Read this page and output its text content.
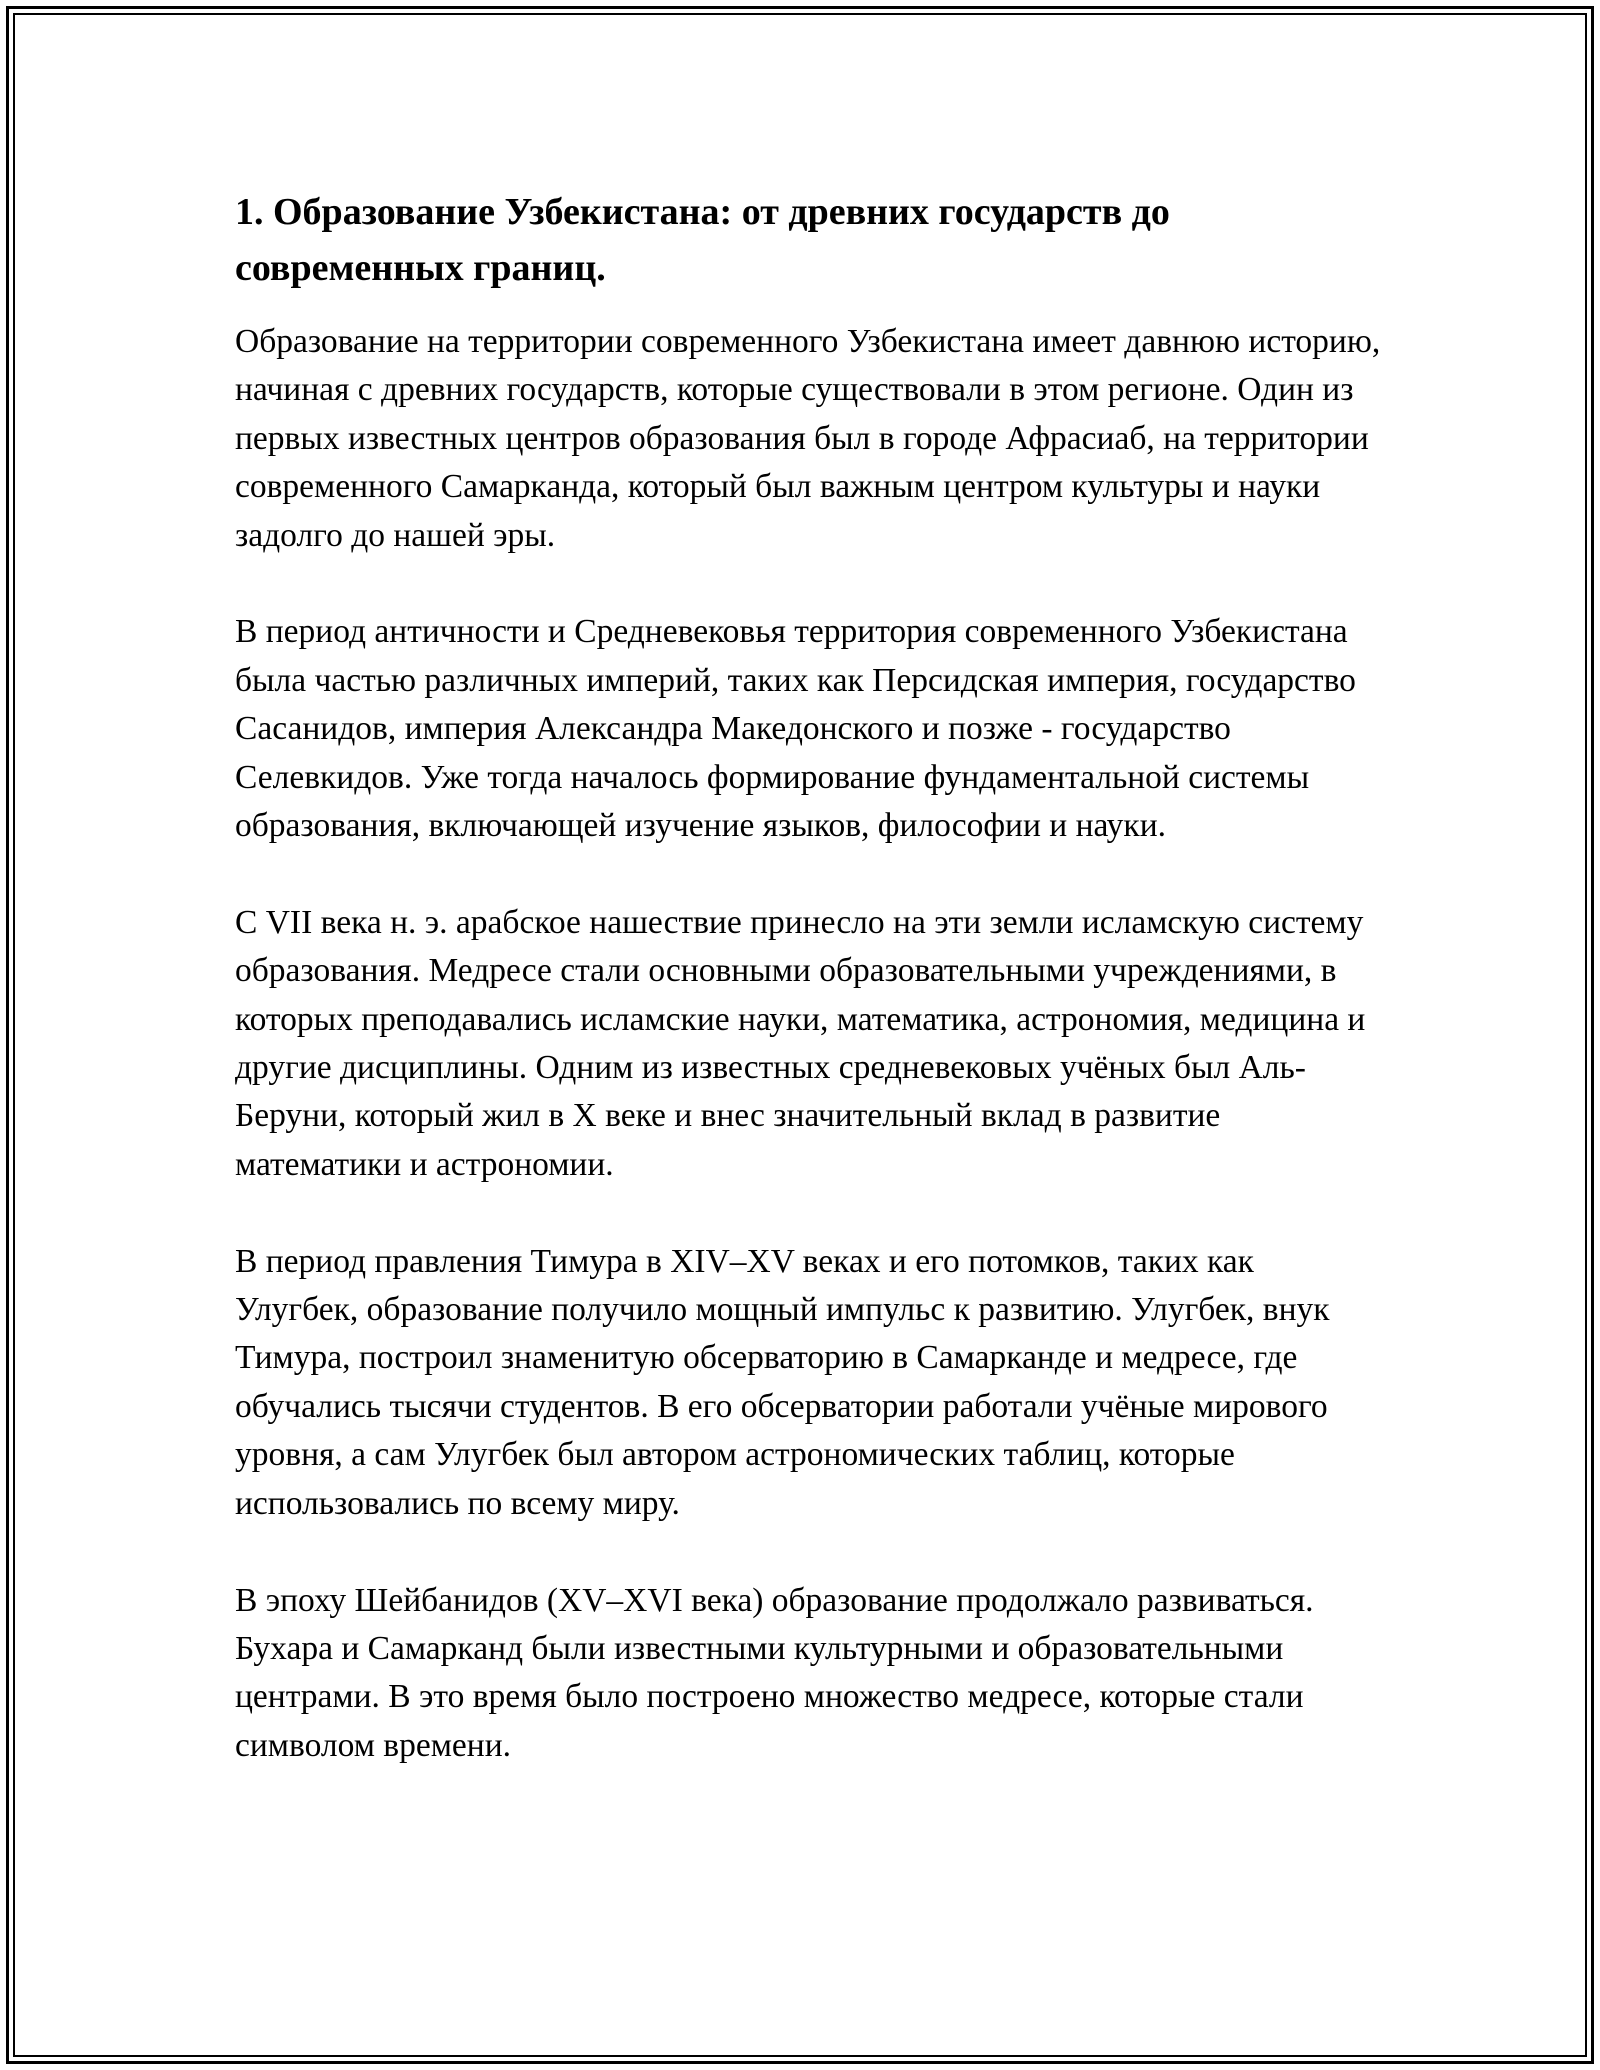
1. Образование Узбекистана: от древних государств до современных границ.

Образование на территории современного Узбекистана имеет давнюю историю, начиная с древних государств, которые существовали в этом регионе. Один из первых известных центров образования был в городе Афрасиаб, на территории современного Самарканда, который был важным центром культуры и науки задолго до нашей эры.

В период античности и Средневековья территория современного Узбекистана была частью различных империй, таких как Персидская империя, государство Сасанидов, империя Александра Македонского и позже - государство Селевкидов. Уже тогда началось формирование фундаментальной системы образования, включающей изучение языков, философии и науки.

С VII века н. э. арабское нашествие принесло на эти земли исламскую систему образования. Медресе стали основными образовательными учреждениями, в которых преподавались исламские науки, математика, астрономия, медицина и другие дисциплины. Одним из известных средневековых учёных был Аль-Беруни, который жил в X веке и внес значительный вклад в развитие математики и астрономии.

В период правления Тимура в XIV–XV веках и его потомков, таких как Улугбек, образование получило мощный импульс к развитию. Улугбек, внук Тимура, построил знаменитую обсерваторию в Самарканде и медресе, где обучались тысячи студентов. В его обсерватории работали учёные мирового уровня, а сам Улугбек был автором астрономических таблиц, которые использовались по всему миру.

В эпоху Шейбанидов (XV–XVI века) образование продолжало развиваться. Бухара и Самарканд были известными культурными и образовательными центрами. В это время было построено множество медресе, которые стали символом времени.
